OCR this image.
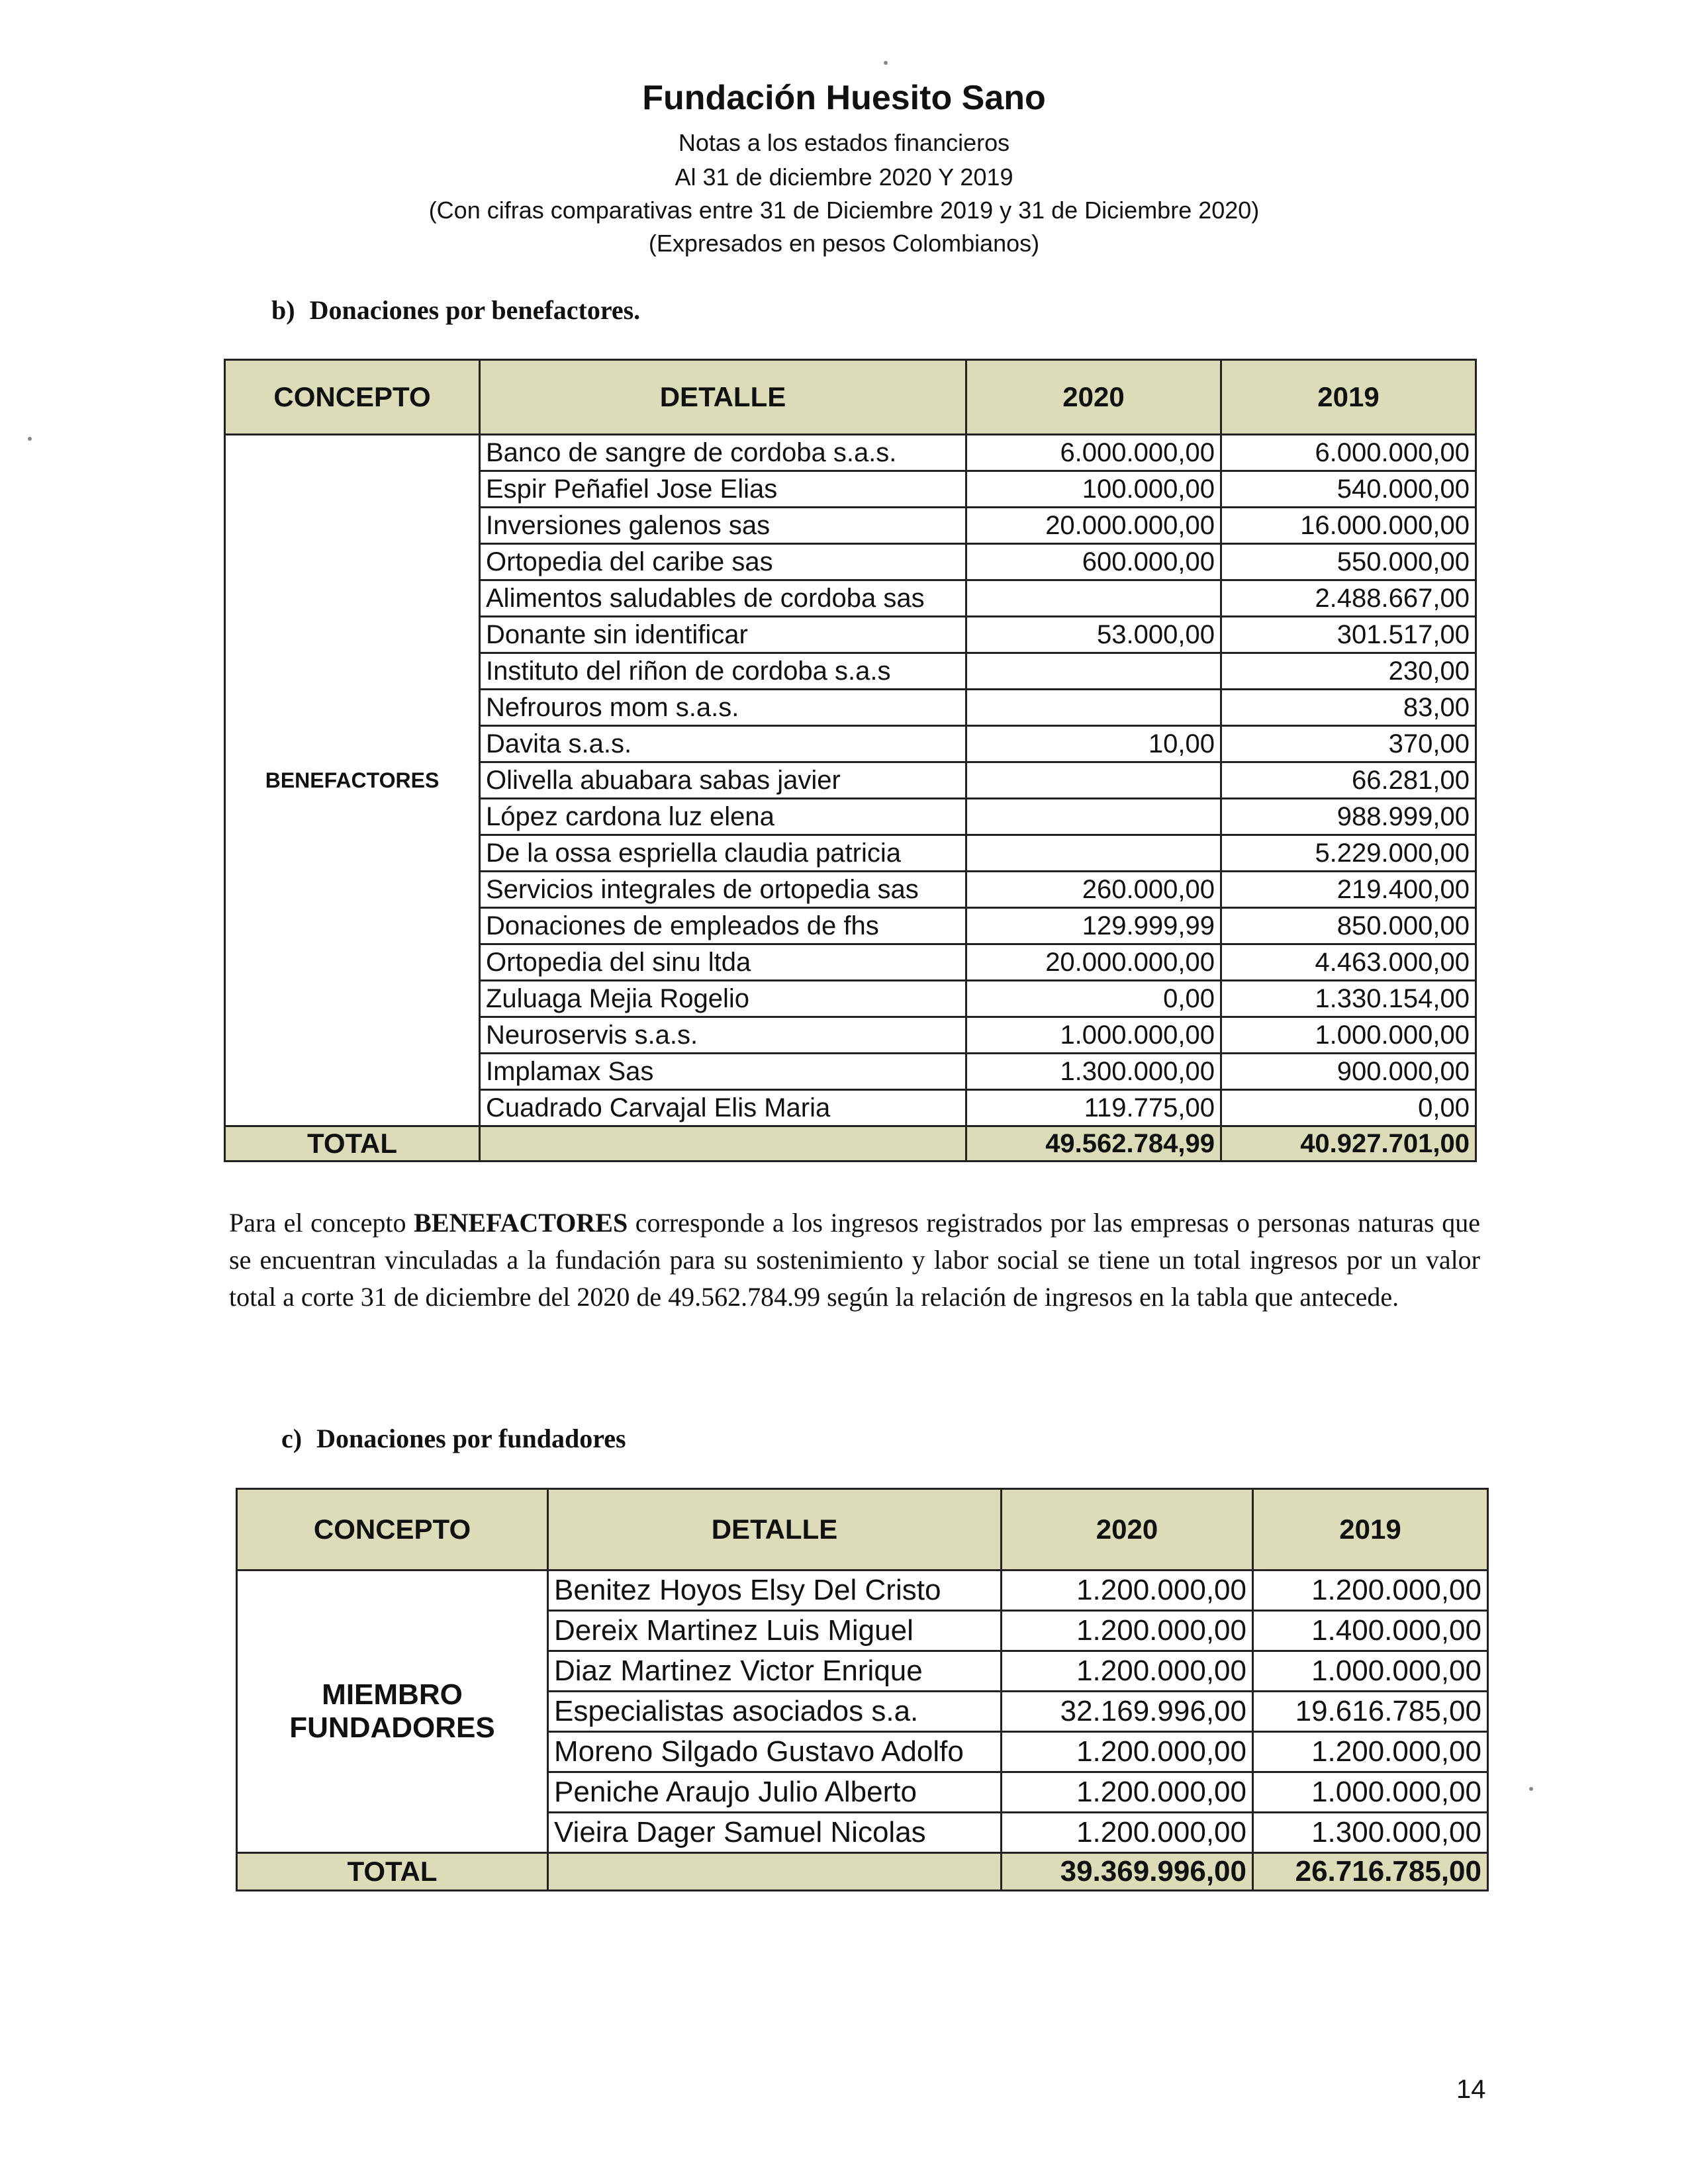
Fundación Huesito Sano
Notas a los estados financieros
Al 31 de diciembre 2020 Y 2019
(Con cifras comparativas entre 31 de Diciembre 2019 y 31 de Diciembre 2020)
(Expresados en pesos Colombianos)
b) Donaciones por benefactores.
CONCEPTO	DETALLE	2020	2019
BENEFACTORES	Banco de sangre de cordoba s.a.s.	6.000.000,00	6.000.000,00
	Espir Peñafiel Jose Elias	100.000,00	540.000,00
	Inversiones galenos sas	20.000.000,00	16.000.000,00
	Ortopedia del caribe sas	600.000,00	550.000,00
	Alimentos saludables de cordoba sas		2.488.667,00
	Donante sin identificar	53.000,00	301.517,00
	Instituto del riñon de cordoba s.a.s		230,00
	Nefrouros mom s.a.s.		83,00
	Davita s.a.s.	10,00	370,00
	Olivella abuabara sabas javier		66.281,00
	López cardona luz elena		988.999,00
	De la ossa espriella claudia patricia		5.229.000,00
	Servicios integrales de ortopedia sas	260.000,00	219.400,00
	Donaciones de empleados de fhs	129.999,99	850.000,00
	Ortopedia del sinu ltda	20.000.000,00	4.463.000,00
	Zuluaga Mejia Rogelio	0,00	1.330.154,00
	Neuroservis s.a.s.	1.000.000,00	1.000.000,00
	Implamax Sas	1.300.000,00	900.000,00
	Cuadrado Carvajal Elis Maria	119.775,00	0,00
TOTAL		49.562.784,99	40.927.701,00
Para el concepto BENEFACTORES corresponde a los ingresos registrados por las empresas o personas naturas que se encuentran vinculadas a la fundación para su sostenimiento y labor social se tiene un total ingresos por un valor total a corte 31 de diciembre del 2020 de 49.562.784.99 según la relación de ingresos en la tabla que antecede.
c) Donaciones por fundadores
CONCEPTO	DETALLE	2020	2019
MIEMBRO FUNDADORES	Benitez Hoyos Elsy Del Cristo	1.200.000,00	1.200.000,00
	Dereix Martinez Luis Miguel	1.200.000,00	1.400.000,00
	Diaz Martinez Victor Enrique	1.200.000,00	1.000.000,00
	Especialistas asociados s.a.	32.169.996,00	19.616.785,00
	Moreno Silgado Gustavo Adolfo	1.200.000,00	1.200.000,00
	Peniche Araujo Julio Alberto	1.200.000,00	1.000.000,00
	Vieira Dager Samuel Nicolas	1.200.000,00	1.300.000,00
TOTAL		39.369.996,00	26.716.785,00
14
